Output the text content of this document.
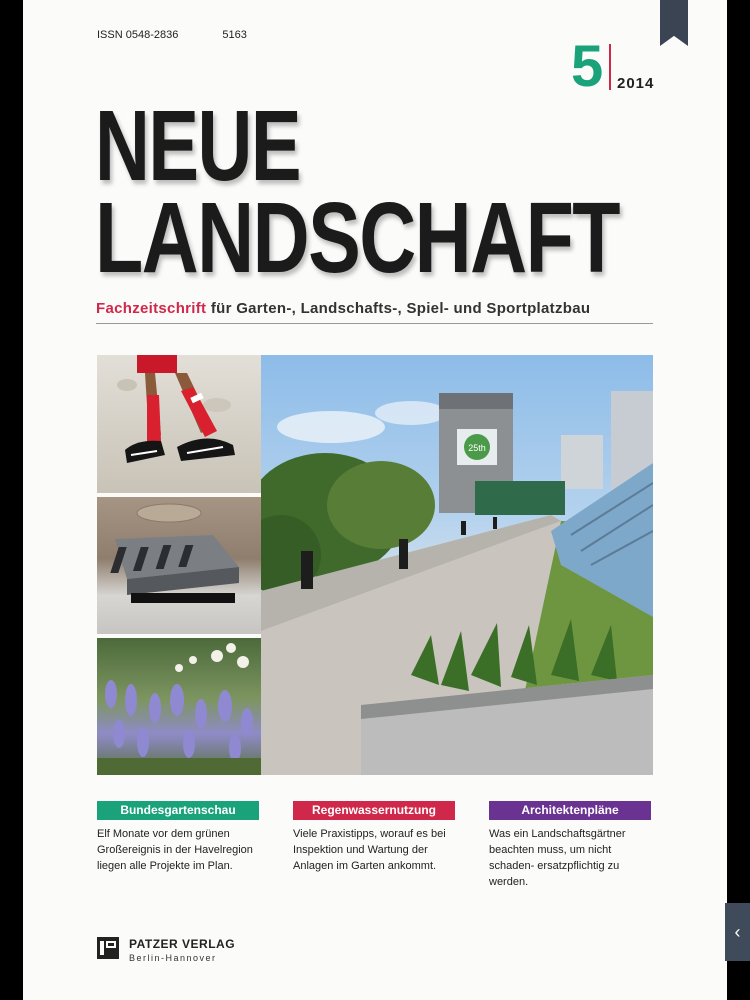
ISSN 0548-2836	5163	5 2014
NEUE
LANDSCHAFT
Fachzeitschrift für Garten-, Landschafts-, Spiel- und Sportplatzbau
25th
Bundesgartenschau	Regenwassernutzung	Architektenpläne
Elf Monate vor dem grünen Großereignis in der Havelregion liegen alle Projekte im Plan.
Viele Praxistipps, worauf es bei Inspektion und Wartung der Anlagen im Garten ankommt.
Was ein Landschaftsgärtner beachten muss, um nicht schaden- ersatzpflichtig zu werden.
PATZER VERLAG
Berlin-Hannover
‹
